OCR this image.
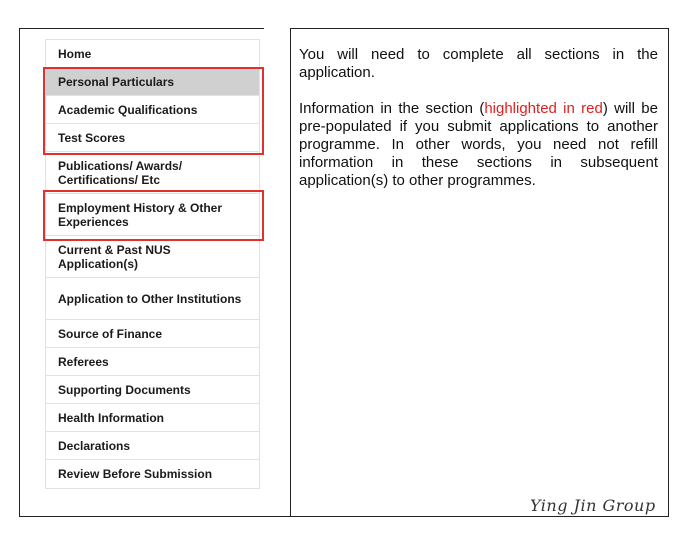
Home
Personal Particulars
Academic Qualifications
Test Scores
Publications/ Awards/ Certifications/ Etc
Employment History & Other Experiences
Current & Past NUS Application(s)
Application to Other Institutions
Source of Finance
Referees
Supporting Documents
Health Information
Declarations
Review Before Submission

You will need to complete all sections in the application.

Information in the section (highlighted in red) will be pre-populated if you submit applications to another programme. In other words, you need not refill information in these sections in subsequent application(s) to other programmes.

Ying Jin Group
